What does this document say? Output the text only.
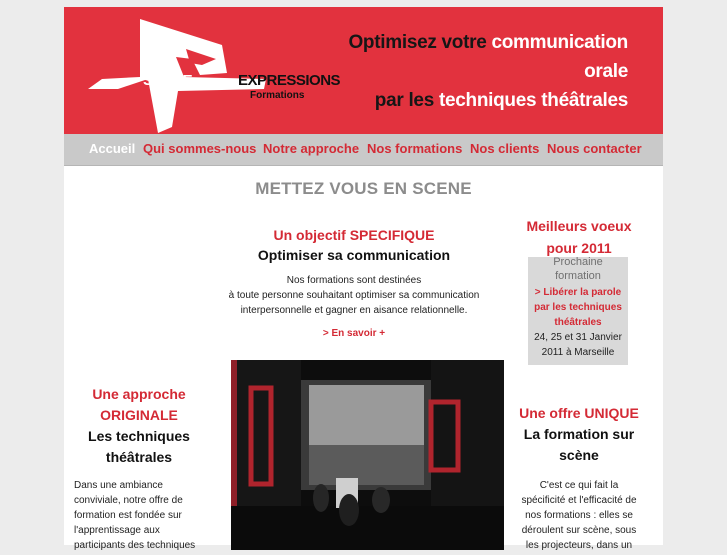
SCENE	EXPRESSIONS
Formations
Optimisez votre communication
orale
par les techniques théâtrales
Accueil Qui sommes-nous Notre approche Nos formations Nos clients Nous contacter
METTEZ VOUS EN SCENE
Un objectif SPECIFIQUE
Optimiser sa communication
Nos formations sont destinées
à toute personne souhaitant optimiser sa communication
interpersonnelle et gagner en aisance relationnelle.
> En savoir +
Meilleurs voeux
pour 2011
Prochaine
formation
> Libérer la parole
par les techniques
théâtrales
24, 25 et 31 Janvier
2011 à Marseille
Une approche
ORIGINALE
Les techniques
théâtrales
Dans une ambiance
conviviale, notre offre de
formation est fondée sur
l'apprentissage aux
participants des techniques
Une offre UNIQUE
La formation sur
scène
C'est ce qui fait la
spécificité et l'efficacité de
nos formations : elles se
déroulent sur scène, sous
les projecteurs, dans un
